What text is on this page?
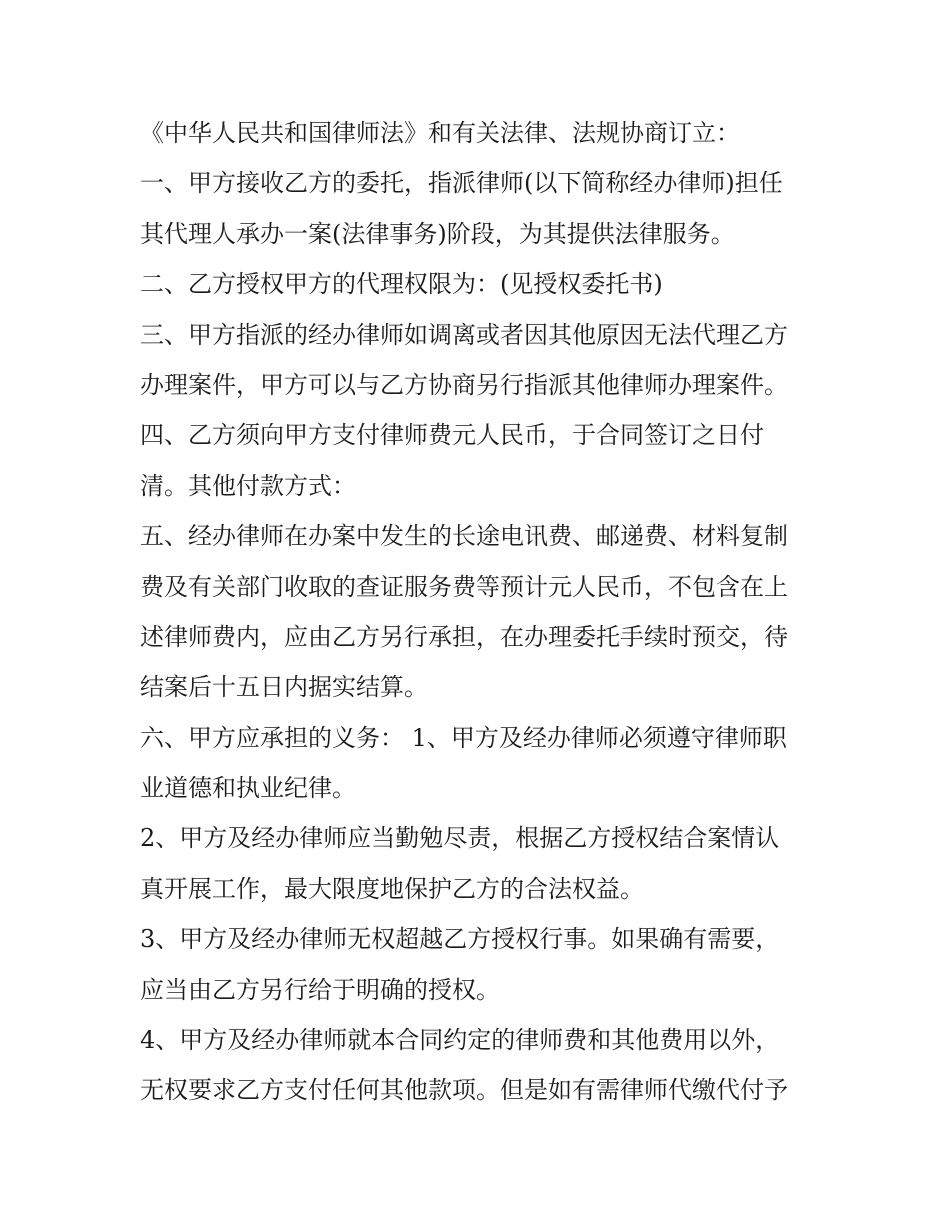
《中华人民共和国律师法》和有关法律、法规协商订立：
一、甲方接收乙方的委托，指派律师(以下简称经办律师)担任
其代理人承办一案(法律事务)阶段，为其提供法律服务。
二、乙方授权甲方的代理权限为：(见授权委托书)
三、甲方指派的经办律师如调离或者因其他原因无法代理乙方
办理案件，甲方可以与乙方协商另行指派其他律师办理案件。
四、乙方须向甲方支付律师费元人民币，于合同签订之日付
清。其他付款方式：
五、经办律师在办案中发生的长途电讯费、邮递费、材料复制
费及有关部门收取的查证服务费等预计元人民币，不包含在上
述律师费内，应由乙方另行承担，在办理委托手续时预交，待
结案后十五日内据实结算。
六、甲方应承担的义务： 1、甲方及经办律师必须遵守律师职
业道德和执业纪律。
2、甲方及经办律师应当勤勉尽责，根据乙方授权结合案情认
真开展工作，最大限度地保护乙方的合法权益。
3、甲方及经办律师无权超越乙方授权行事。如果确有需要，
应当由乙方另行给于明确的授权。
4、甲方及经办律师就本合同约定的律师费和其他费用以外，
无权要求乙方支付任何其他款项。但是如有需律师代缴代付予
